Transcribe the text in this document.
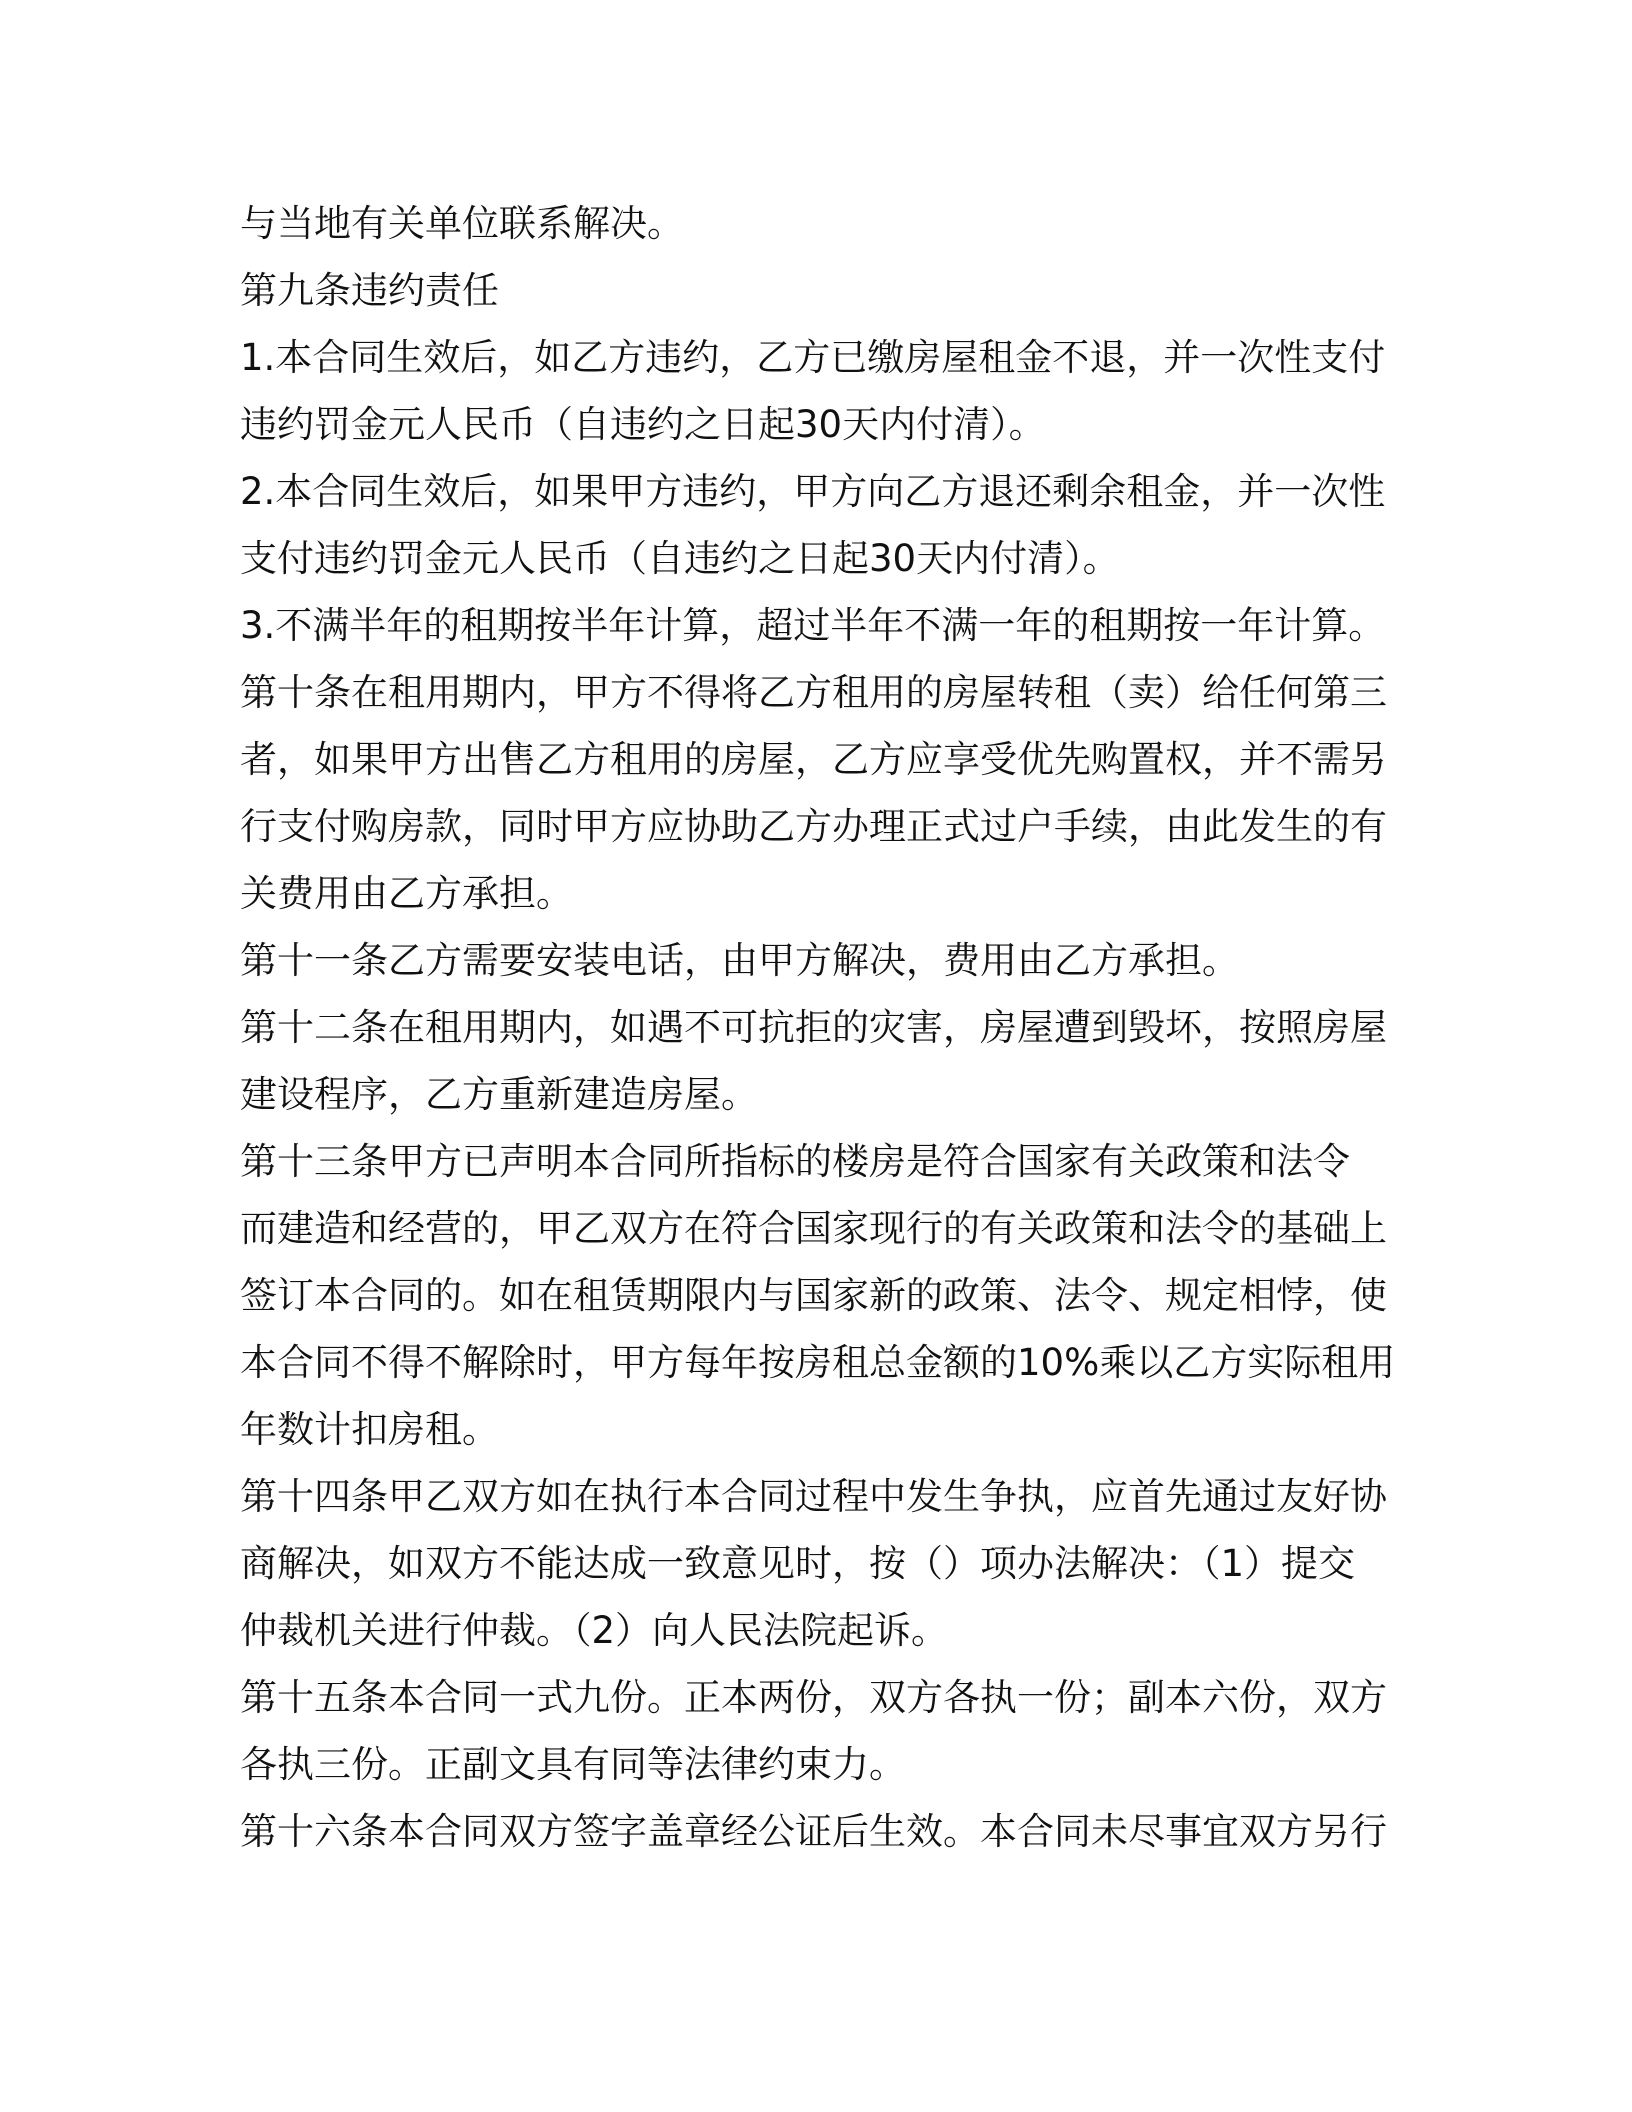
与当地有关单位联系解决。
第九条违约责任
1.本合同生效后，如乙方违约，乙方已缴房屋租金不退，并一次性支付
违约罚金元人民币（自违约之日起30天内付清）。
2.本合同生效后，如果甲方违约，甲方向乙方退还剩余租金，并一次性
支付违约罚金元人民币（自违约之日起30天内付清）。
3.不满半年的租期按半年计算，超过半年不满一年的租期按一年计算。
第十条在租用期内，甲方不得将乙方租用的房屋转租（卖）给任何第三
者，如果甲方出售乙方租用的房屋，乙方应享受优先购置权，并不需另
行支付购房款，同时甲方应协助乙方办理正式过户手续，由此发生的有
关费用由乙方承担。
第十一条乙方需要安装电话，由甲方解决，费用由乙方承担。
第十二条在租用期内，如遇不可抗拒的灾害，房屋遭到毁坏，按照房屋
建设程序，乙方重新建造房屋。
第十三条甲方已声明本合同所指标的楼房是符合国家有关政策和法令
而建造和经营的，甲乙双方在符合国家现行的有关政策和法令的基础上
签订本合同的。如在租赁期限内与国家新的政策、法令、规定相悖，使
本合同不得不解除时，甲方每年按房租总金额的10%乘以乙方实际租用
年数计扣房租。
第十四条甲乙双方如在执行本合同过程中发生争执，应首先通过友好协
商解决，如双方不能达成一致意见时，按（）项办法解决：（1）提交
仲裁机关进行仲裁。（2）向人民法院起诉。
第十五条本合同一式九份。正本两份，双方各执一份；副本六份，双方
各执三份。正副文具有同等法律约束力。
第十六条本合同双方签字盖章经公证后生效。本合同未尽事宜双方另行
